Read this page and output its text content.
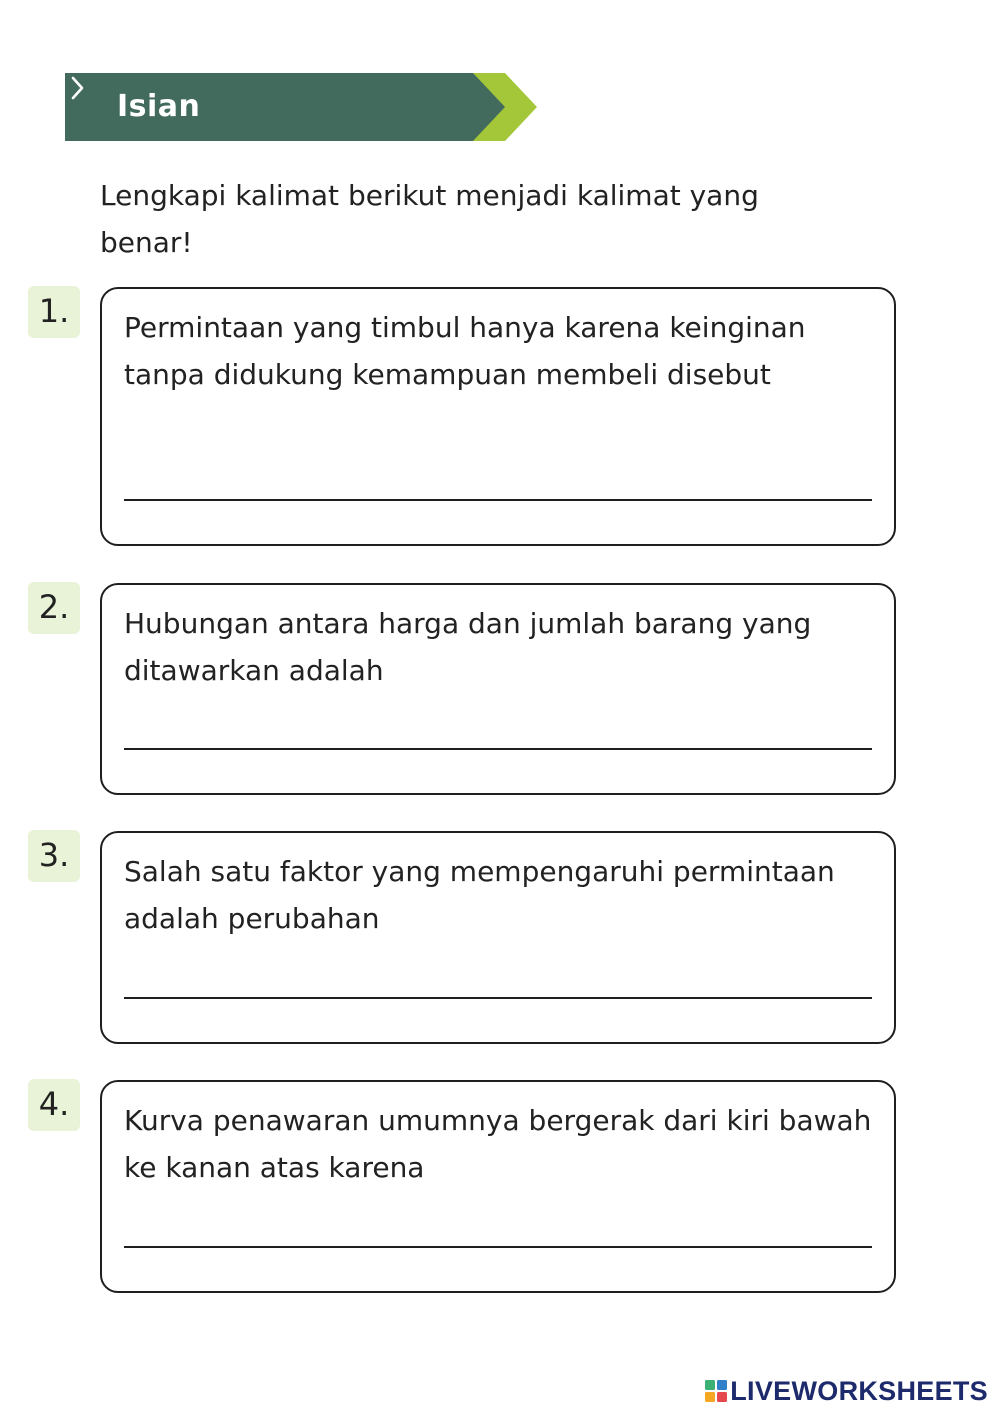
Isian
Lengkapi kalimat berikut menjadi kalimat yang benar!
1.	Permintaan yang timbul hanya karena keinginan tanpa didukung kemampuan membeli disebut
2.	Hubungan antara harga dan jumlah barang yang ditawarkan adalah
3.	Salah satu faktor yang mempengaruhi permintaan adalah perubahan
4.	Kurva penawaran umumnya bergerak dari kiri bawah ke kanan atas karena
LIVEWORKSHEETS
